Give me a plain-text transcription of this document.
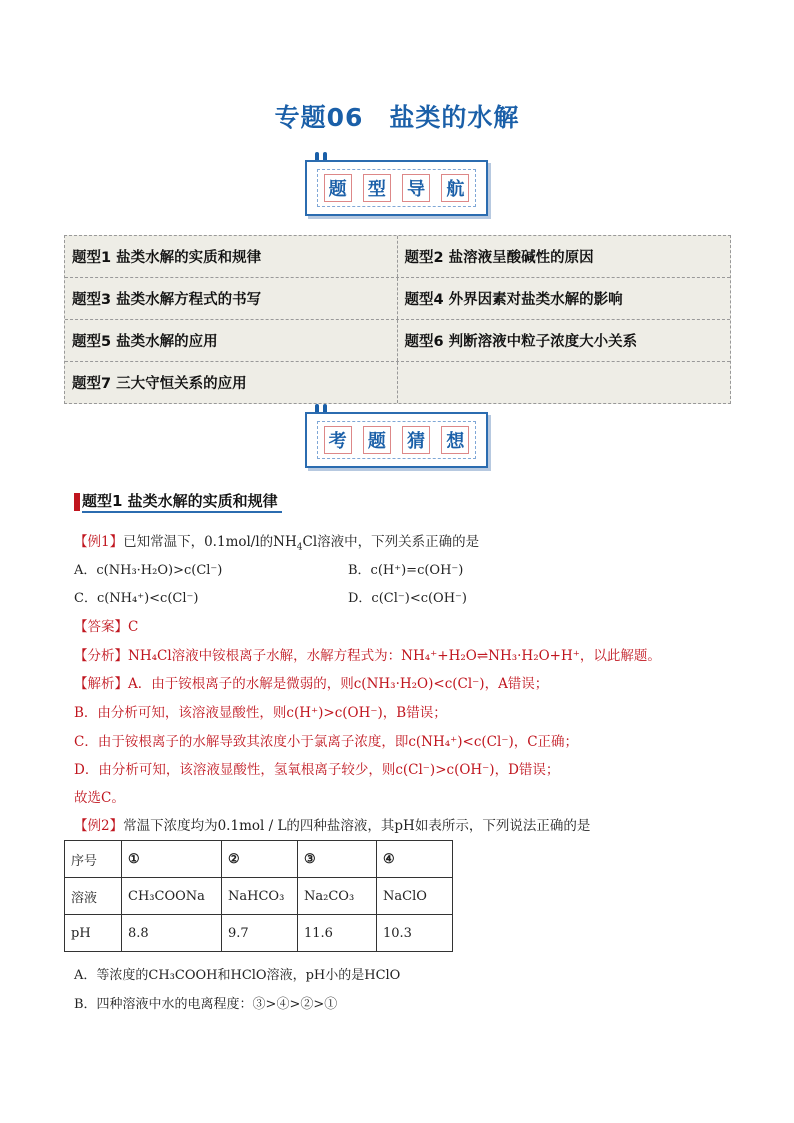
专题06　盐类的水解
题 型 导 航
题型1 盐类水解的实质和规律	题型2 盐溶液呈酸碱性的原因
题型3 盐类水解方程式的书写	题型4 外界因素对盐类水解的影响
题型5 盐类水解的应用	题型6 判断溶液中粒子浓度大小关系
题型7 三大守恒关系的应用
考 题 猜 想
题型1 盐类水解的实质和规律
【例1】已知常温下，0.1mol/l的$NH_4Cl$溶液中，下列关系正确的是
A．c(NH₃·H₂O)>c(Cl⁻)	B．c(H⁺)=c(OH⁻)
C．c(NH₄⁺)<c(Cl⁻)	D．c(Cl⁻)<c(OH⁻)
【答案】C
【分析】NH₄Cl溶液中铵根离子水解，水解方程式为：NH₄⁺+H₂O⇌NH₃·H₂O+H⁺，以此解题。
【解析】A．由于铵根离子的水解是微弱的，则c(NH₃·H₂O)<c(Cl⁻)，A错误；
B．由分析可知，该溶液显酸性，则c(H⁺)>c(OH⁻)，B错误；
C．由于铵根离子的水解导致其浓度小于氯离子浓度，即c(NH₄⁺)<c(Cl⁻)，C正确；
D．由分析可知，该溶液显酸性，氢氧根离子较少，则c(Cl⁻)>c(OH⁻)，D错误；
故选C。
【例2】常温下浓度均为0.1mol / L的四种盐溶液，其pH如表所示，下列说法正确的是
序号	①	②	③	④
溶液	CH₃COONa	NaHCO₃	Na₂CO₃	NaClO
pH	8.8	9.7	11.6	10.3
A．等浓度的CH₃COOH和HClO溶液，pH小的是HClO
B．四种溶液中水的电离程度：③>④>②>①
